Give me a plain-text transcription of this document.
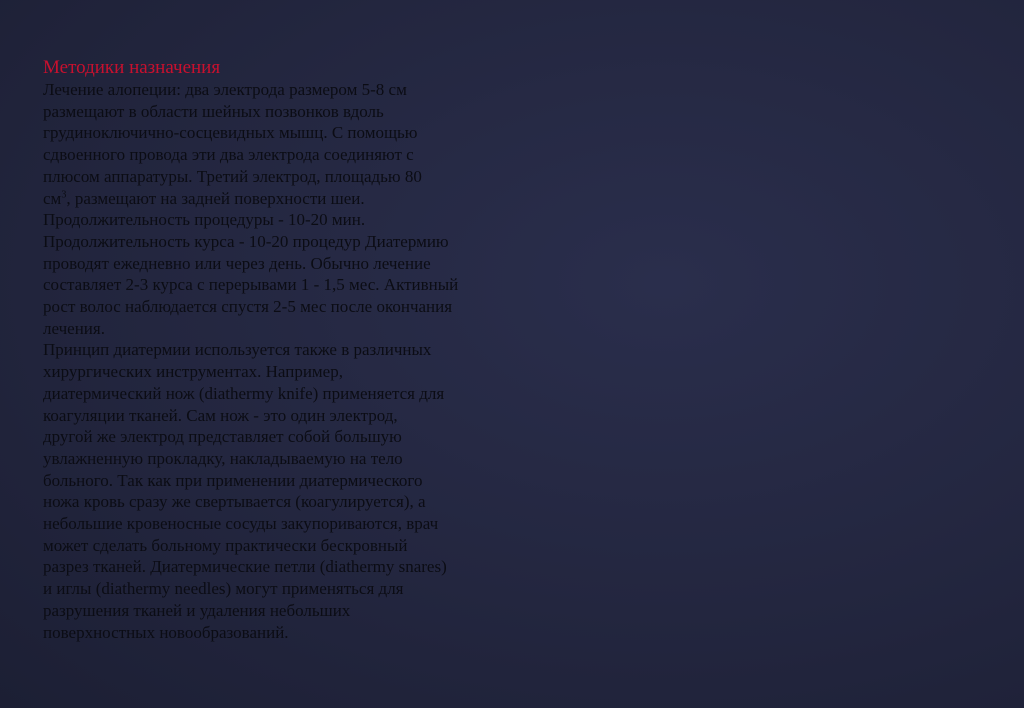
Методики назначения

Лечение алопеции: два электрода размером 5-8 см
размещают в области шейных позвонков вдоль
грудиноключично-сосцевидных мышц. С помощью
сдвоенного провода эти два электрода соединяют с
плюсом аппаратуры. Третий электрод, площадью 80
$см^3$, размещают на задней поверхности шеи.
Продолжительность процедуры - 10-20 мин.
Продолжительность курса - 10-20 процедур Диатермию
проводят ежедневно или через день. Обычно лечение
составляет 2-3 курса с перерывами 1 - 1,5 мес. Активный
рост волос наблюдается спустя 2-5 мес после окончания
лечения.
Принцип диатермии используется также в различных
хирургических инструментах. Например,
диатермический нож (diathermy knife) применяется для
коагуляции тканей. Сам нож - это один электрод,
другой же электрод представляет собой большую
увлажненную прокладку, накладываемую на тело
больного. Так как при применении диатермического
ножа кровь сразу же свертывается (коагулируется), а
небольшие кровеносные сосуды закупориваются, врач
может сделать больному практически бескровный
разрез тканей. Диатермические петли (diathermy snares)
и иглы (diathermy needles) могут применяться для
разрушения тканей и удаления небольших
поверхностных новообразований.
